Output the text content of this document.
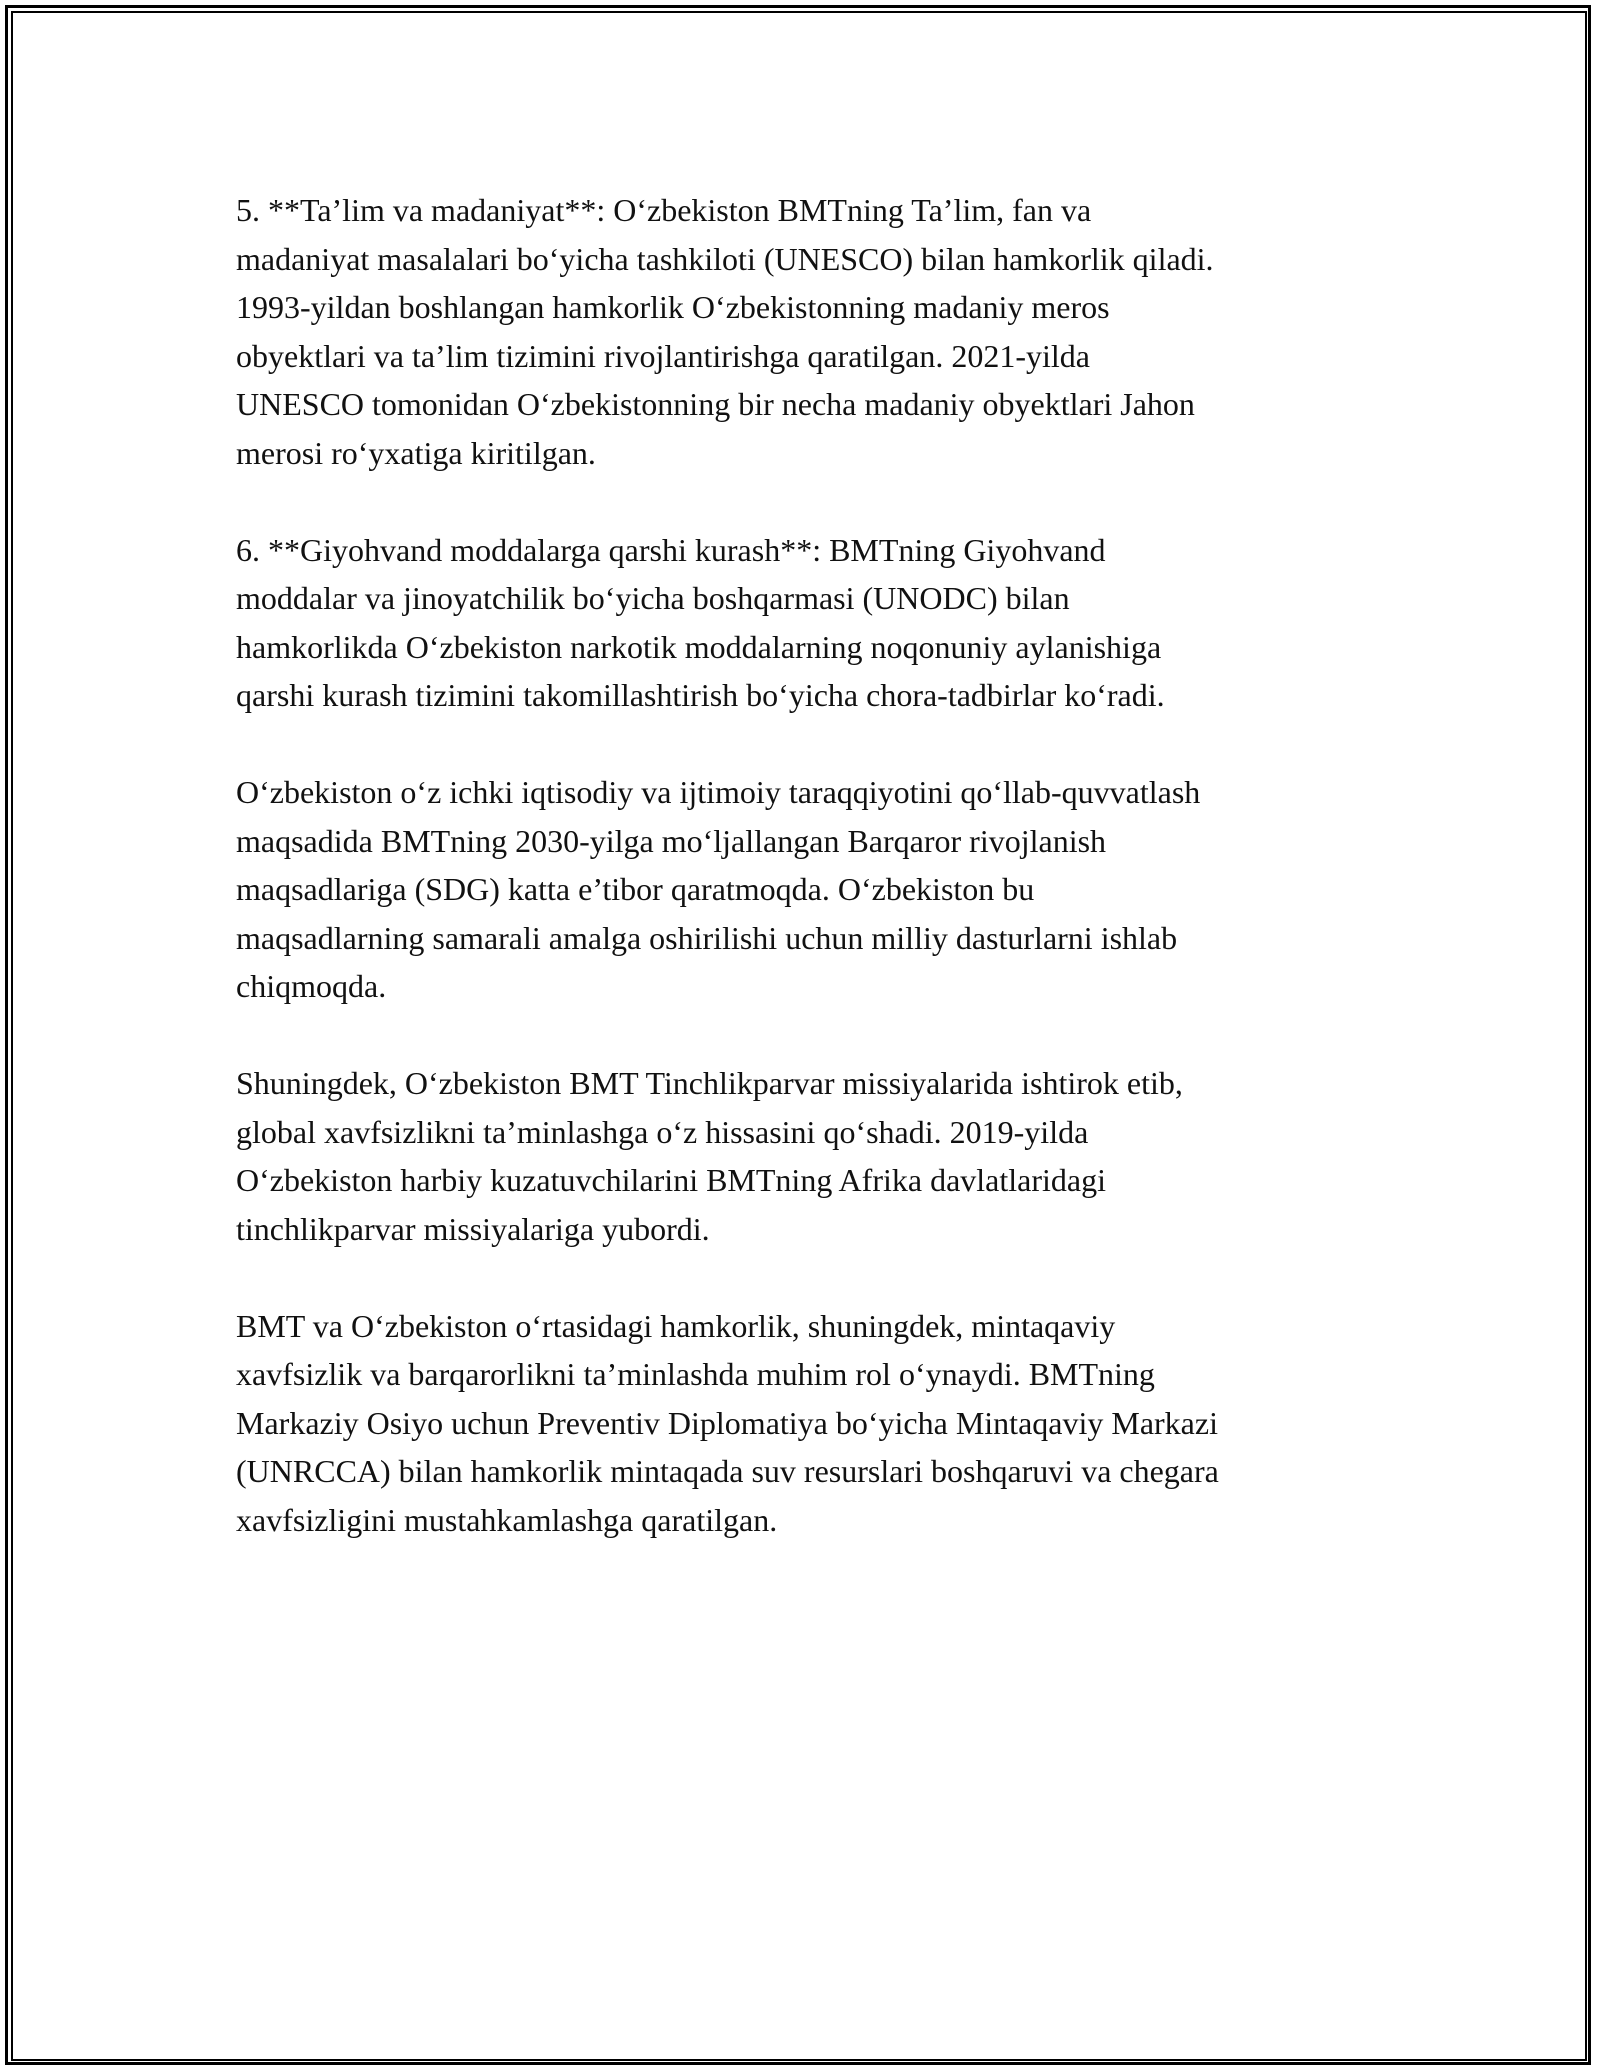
5. **Ta’lim va madaniyat**: O‘zbekiston BMTning Ta’lim, fan va
madaniyat masalalari bo‘yicha tashkiloti (UNESCO) bilan hamkorlik qiladi.
1993-yildan boshlangan hamkorlik O‘zbekistonning madaniy meros
obyektlari va ta’lim tizimini rivojlantirishga qaratilgan. 2021-yilda
UNESCO tomonidan O‘zbekistonning bir necha madaniy obyektlari Jahon
merosi ro‘yxatiga kiritilgan.

6. **Giyohvand moddalarga qarshi kurash**: BMTning Giyohvand
moddalar va jinoyatchilik bo‘yicha boshqarmasi (UNODC) bilan
hamkorlikda O‘zbekiston narkotik moddalarning noqonuniy aylanishiga
qarshi kurash tizimini takomillashtirish bo‘yicha chora-tadbirlar ko‘radi.

O‘zbekiston o‘z ichki iqtisodiy va ijtimoiy taraqqiyotini qo‘llab-quvvatlash
maqsadida BMTning 2030-yilga mo‘ljallangan Barqaror rivojlanish
maqsadlariga (SDG) katta e’tibor qaratmoqda. O‘zbekiston bu
maqsadlarning samarali amalga oshirilishi uchun milliy dasturlarni ishlab
chiqmoqda.

Shuningdek, O‘zbekiston BMT Tinchlikparvar missiyalarida ishtirok etib,
global xavfsizlikni ta’minlashga o‘z hissasini qo‘shadi. 2019-yilda
O‘zbekiston harbiy kuzatuvchilarini BMTning Afrika davlatlaridagi
tinchlikparvar missiyalariga yubordi.

BMT va O‘zbekiston o‘rtasidagi hamkorlik, shuningdek, mintaqaviy
xavfsizlik va barqarorlikni ta’minlashda muhim rol o‘ynaydi. BMTning
Markaziy Osiyo uchun Preventiv Diplomatiya bo‘yicha Mintaqaviy Markazi
(UNRCCA) bilan hamkorlik mintaqada suv resurslari boshqaruvi va chegara
xavfsizligini mustahkamlashga qaratilgan.
